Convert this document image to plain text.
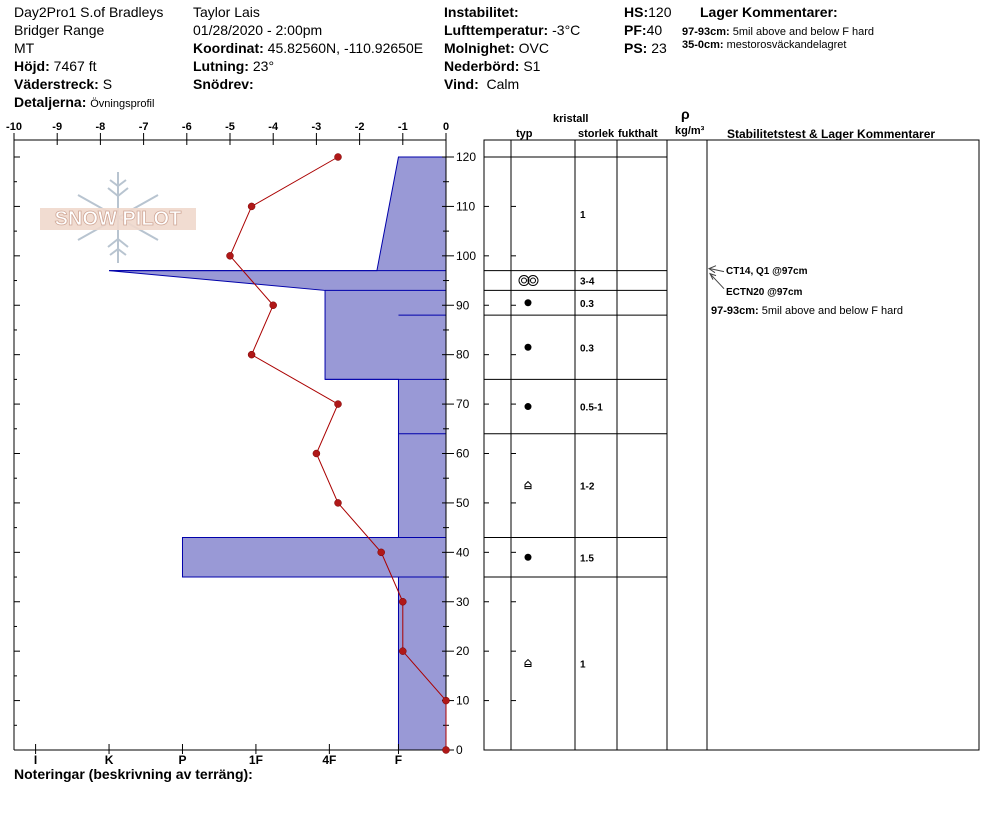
Day2Pro1 S.of Bradleys
Bridger Range
MT
Höjd: 7467 ft
Väderstreck: S
Detaljerna: Övningsprofil
Taylor Lais
01/28/2020 - 2:00pm
Koordinat: 45.82560N, -110.92650E
Lutning: 23°
Snödrev:
Instabilitet:
Lufttemperatur: -3°C
Molnighet: OVC
Nederbörd: S1
Vind: Calm
HS:120
PF:40
PS: 23
Lager Kommentarer:
97-93cm: 5mil above and below F hard
35-0cm: mestorosväckandelagret
SNOW PILOT
-10	-9	-8	-7	-6	-5	-4	-3	-2	-1	0
0
10
20
30
40
50
60
70
80
90
100
110
120
I	K	P	1F	4F	F
1
3-4
0.3
0.3
0.5-1
1-2
1.5
1
kristall
typ	storlek fukthalt
ρ
kg/m³ Stabilitetstest & Lager Kommentarer
CT14, Q1 @97cm
ECTN20 @97cm
97-93cm: 5mil above and below F hard
Noteringar (beskrivning av terräng):
